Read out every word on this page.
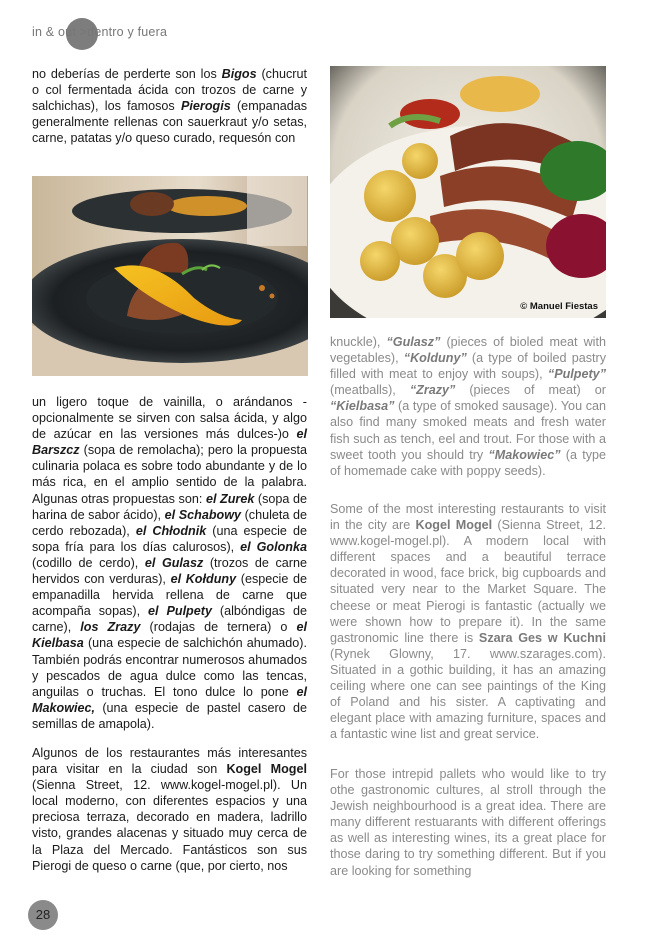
in & out >dentro y fuera

no deberías de perderte son los Bigos (chucrut o col fermentada ácida con trozos de carne y salchichas), los famosos Pierogis (empanadas generalmente rellenas con sauerkraut y/o setas, carne, patatas y/o queso curado, requesón con

un ligero toque de vainilla, o arándanos - opcionalmente se sirven con salsa ácida, y algo de azúcar en las versiones más dulces-)o el Barszcz (sopa de remolacha); pero la propuesta culinaria polaca es sobre todo abundante y de lo más rica, en el amplio sentido de la palabra. Algunas otras propuestas son: el Zurek (sopa de harina de sabor ácido), el Schabowy (chuleta de cerdo rebozada), el Chłodnik (una especie de sopa fría para los días calurosos), el Golonka (codillo de cerdo), el Gulasz (trozos de carne hervidos con verduras), el Kołduny (especie de empanadilla hervida rellena de carne que acompaña sopas), el Pulpety (albóndigas de carne), los Zrazy (rodajas de ternera) o el Kielbasa (una especie de salchichón ahumado). También podrás encontrar numerosos ahumados y pescados de agua dulce como las tencas, anguilas o truchas. El tono dulce lo pone el Makowiec, (una especie de pastel casero de semillas de amapola).

Algunos de los restaurantes más interesantes para visitar en la ciudad son Kogel Mogel (Sienna Street, 12. www.kogel-mogel.pl). Un local moderno, con diferentes espacios y una preciosa terraza, decorado en madera, ladrillo visto, grandes alacenas y situado muy cerca de la Plaza del Mercado. Fantásticos son sus Pierogi de queso o carne (que, por cierto, nos

© Manuel Fiestas

knuckle), “Gulasz” (pieces of bioled meat with vegetables), “Kolduny” (a type of boiled pastry filled with meat to enjoy with soups), “Pulpety” (meatballs), “Zrazy” (pieces of meat) or “Kielbasa” (a type of smoked sausage). You can also find many smoked meats and fresh water fish such as tench, eel and trout. For those with a sweet tooth you should try “Makowiec” (a type of homemade cake with poppy seeds).

Some of the most interesting restaurants to visit in the city are Kogel Mogel (Sienna Street, 12. www.kogel-mogel.pl). A modern local with different spaces and a beautiful terrace decorated in wood, face brick, big cupboards and situated very near to the Market Square. The cheese or meat Pierogi is fantastic (actually we were shown how to prepare it). In the same gastronomic line there is Szara Ges w Kuchni (Rynek Glowny, 17. www.szarages.com). Situated in a gothic building, it has an amazing ceiling where one can see paintings of the King of Poland and his sister. A captivating and elegant place with amazing furniture, spaces and a fantastic wine list and great service.

For those intrepid pallets who would like to try othe gastronomic cultures, al stroll through the Jewish neighbourhood is a great idea. There are many different restuarants with different offerings as well as interesting wines, its a great place for those daring to try something different. But if you are looking for something

28
